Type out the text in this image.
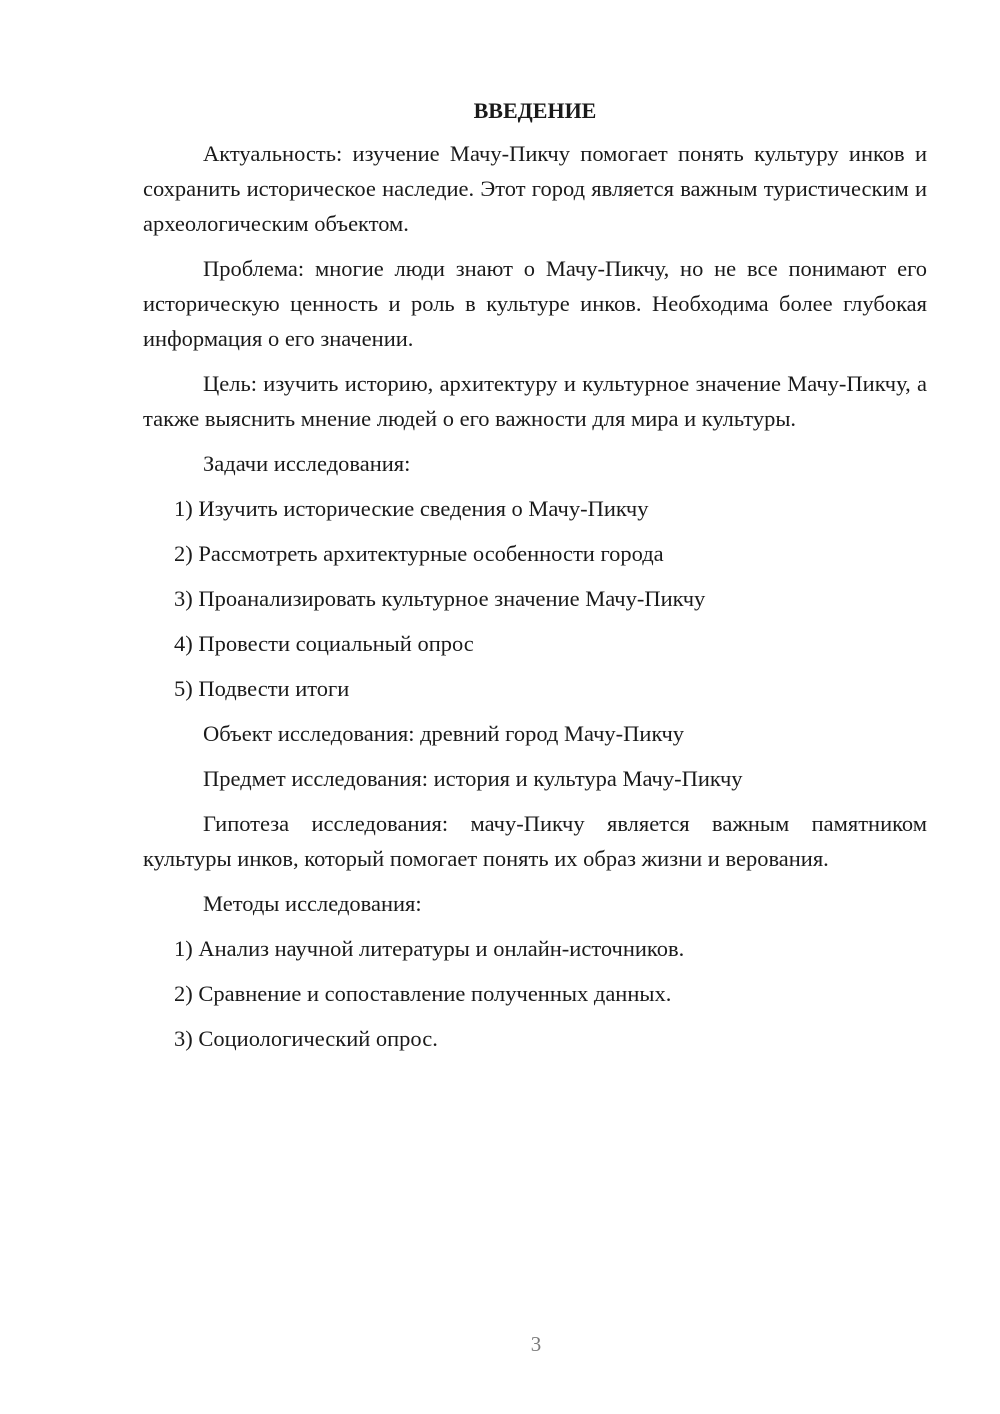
ВВЕДЕНИЕ
Актуальность: изучение Мачу-Пикчу помогает понять культуру инков и сохранить историческое наследие. Этот город является важным туристическим и археологическим объектом.
Проблема: многие люди знают о Мачу-Пикчу, но не все понимают его историческую ценность и роль в культуре инков. Необходима более глубокая информация о его значении.
Цель: изучить историю, архитектуру и культурное значение Мачу-Пикчу, а также выяснить мнение людей о его важности для мира и культуры.
Задачи исследования:
1) Изучить исторические сведения о Мачу-Пикчу
2) Рассмотреть архитектурные особенности города
3) Проанализировать культурное значение Мачу-Пикчу
4) Провести социальный опрос
5) Подвести итоги
Объект исследования: древний город Мачу-Пикчу
Предмет исследования: история и культура Мачу-Пикчу
Гипотеза исследования: мачу-Пикчу является важным памятником культуры инков, который помогает понять их образ жизни и верования.
Методы исследования:
1) Анализ научной литературы и онлайн-источников.
2) Сравнение и сопоставление полученных данных.
3) Социологический опрос.
3
